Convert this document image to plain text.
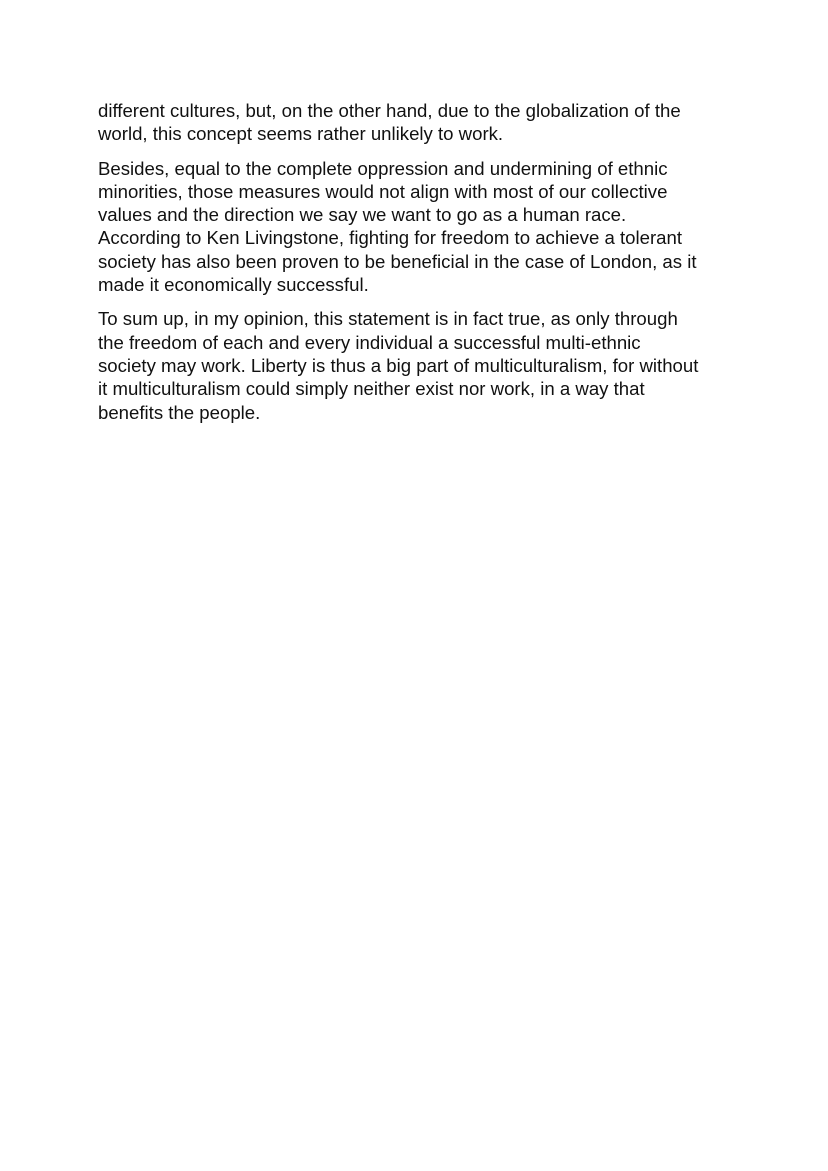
different cultures, but, on the other hand, due to the globalization of the
world, this concept seems rather unlikely to work.

Besides, equal to the complete oppression and undermining of ethnic
minorities, those measures would not align with most of our collective
values and the direction we say we want to go as a human race.
According to Ken Livingstone, fighting for freedom to achieve a tolerant
society has also been proven to be beneficial in the case of London, as it
made it economically successful.

To sum up, in my opinion, this statement is in fact true, as only through
the freedom of each and every individual a successful multi-ethnic
society may work. Liberty is thus a big part of multiculturalism, for without
it multiculturalism could simply neither exist nor work, in a way that
benefits the people.
